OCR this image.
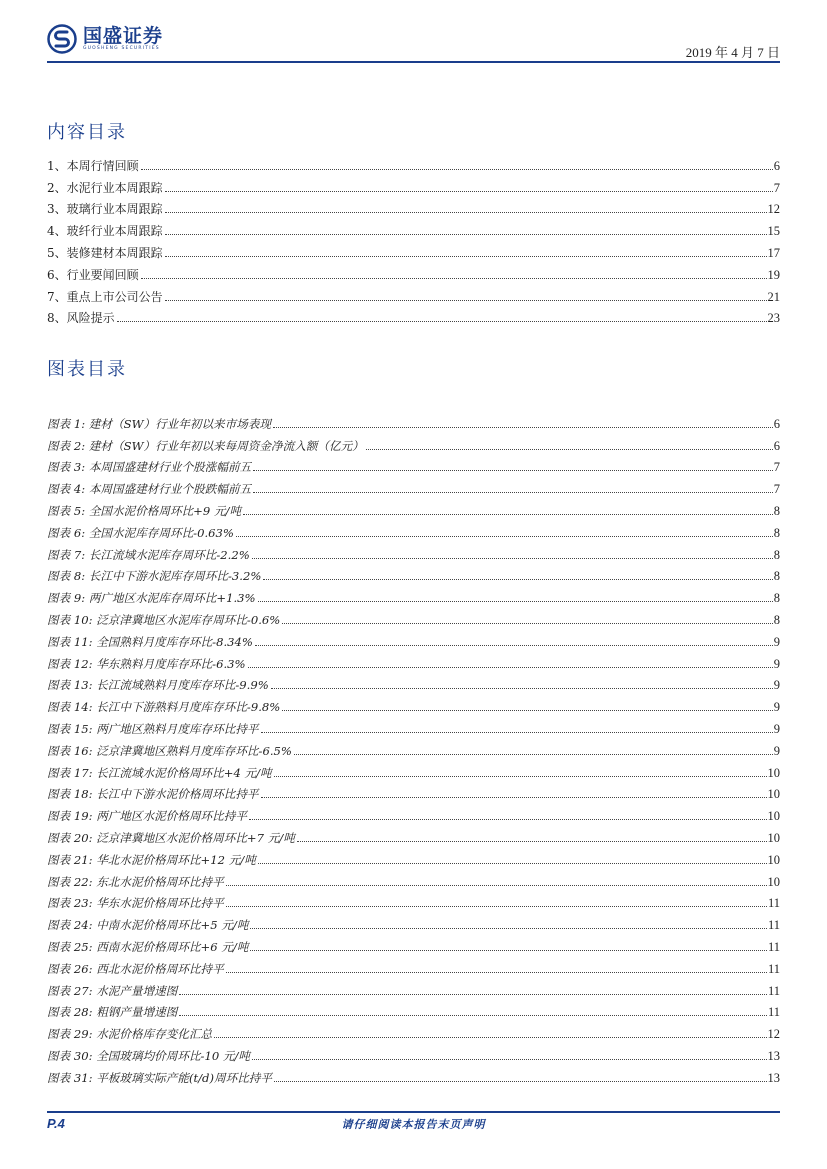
国盛证券
GUOSHENG SECURITIES	2019 年 4 月 7 日
内容目录
1、本周行情回顾	6
2、水泥行业本周跟踪	7
3、玻璃行业本周跟踪	12
4、玻纤行业本周跟踪	15
5、装修建材本周跟踪	17
6、行业要闻回顾	19
7、重点上市公司公告	21
8、风险提示	23
图表目录
图表 1: 建材（SW）行业年初以来市场表现	6
图表 2: 建材（SW）行业年初以来每周资金净流入额（亿元）	6
图表 3: 本周国盛建材行业个股涨幅前五	7
图表 4: 本周国盛建材行业个股跌幅前五	7
图表 5: 全国水泥价格周环比+9 元/吨	8
图表 6: 全国水泥库存周环比-0.63%	8
图表 7: 长江流域水泥库存周环比-2.2%	8
图表 8: 长江中下游水泥库存周环比-3.2%	8
图表 9: 两广地区水泥库存周环比+1.3%	8
图表 10: 泛京津冀地区水泥库存周环比-0.6%	8
图表 11: 全国熟料月度库存环比-8.34%	9
图表 12: 华东熟料月度库存环比-6.3%	9
图表 13: 长江流域熟料月度库存环比-9.9%	9
图表 14: 长江中下游熟料月度库存环比-9.8%	9
图表 15: 两广地区熟料月度库存环比持平	9
图表 16: 泛京津冀地区熟料月度库存环比-6.5%	9
图表 17: 长江流域水泥价格周环比+4 元/吨	10
图表 18: 长江中下游水泥价格周环比持平	10
图表 19: 两广地区水泥价格周环比持平	10
图表 20: 泛京津冀地区水泥价格周环比+7 元/吨	10
图表 21: 华北水泥价格周环比+12 元/吨	10
图表 22: 东北水泥价格周环比持平	10
图表 23: 华东水泥价格周环比持平	11
图表 24: 中南水泥价格周环比+5 元/吨	11
图表 25: 西南水泥价格周环比+6 元/吨	11
图表 26: 西北水泥价格周环比持平	11
图表 27: 水泥产量增速图	11
图表 28: 粗钢产量增速图	11
图表 29: 水泥价格库存变化汇总	12
图表 30: 全国玻璃均价周环比-10 元/吨	13
图表 31: 平板玻璃实际产能(t/d)周环比持平	13
P.4	请仔细阅读本报告末页声明
